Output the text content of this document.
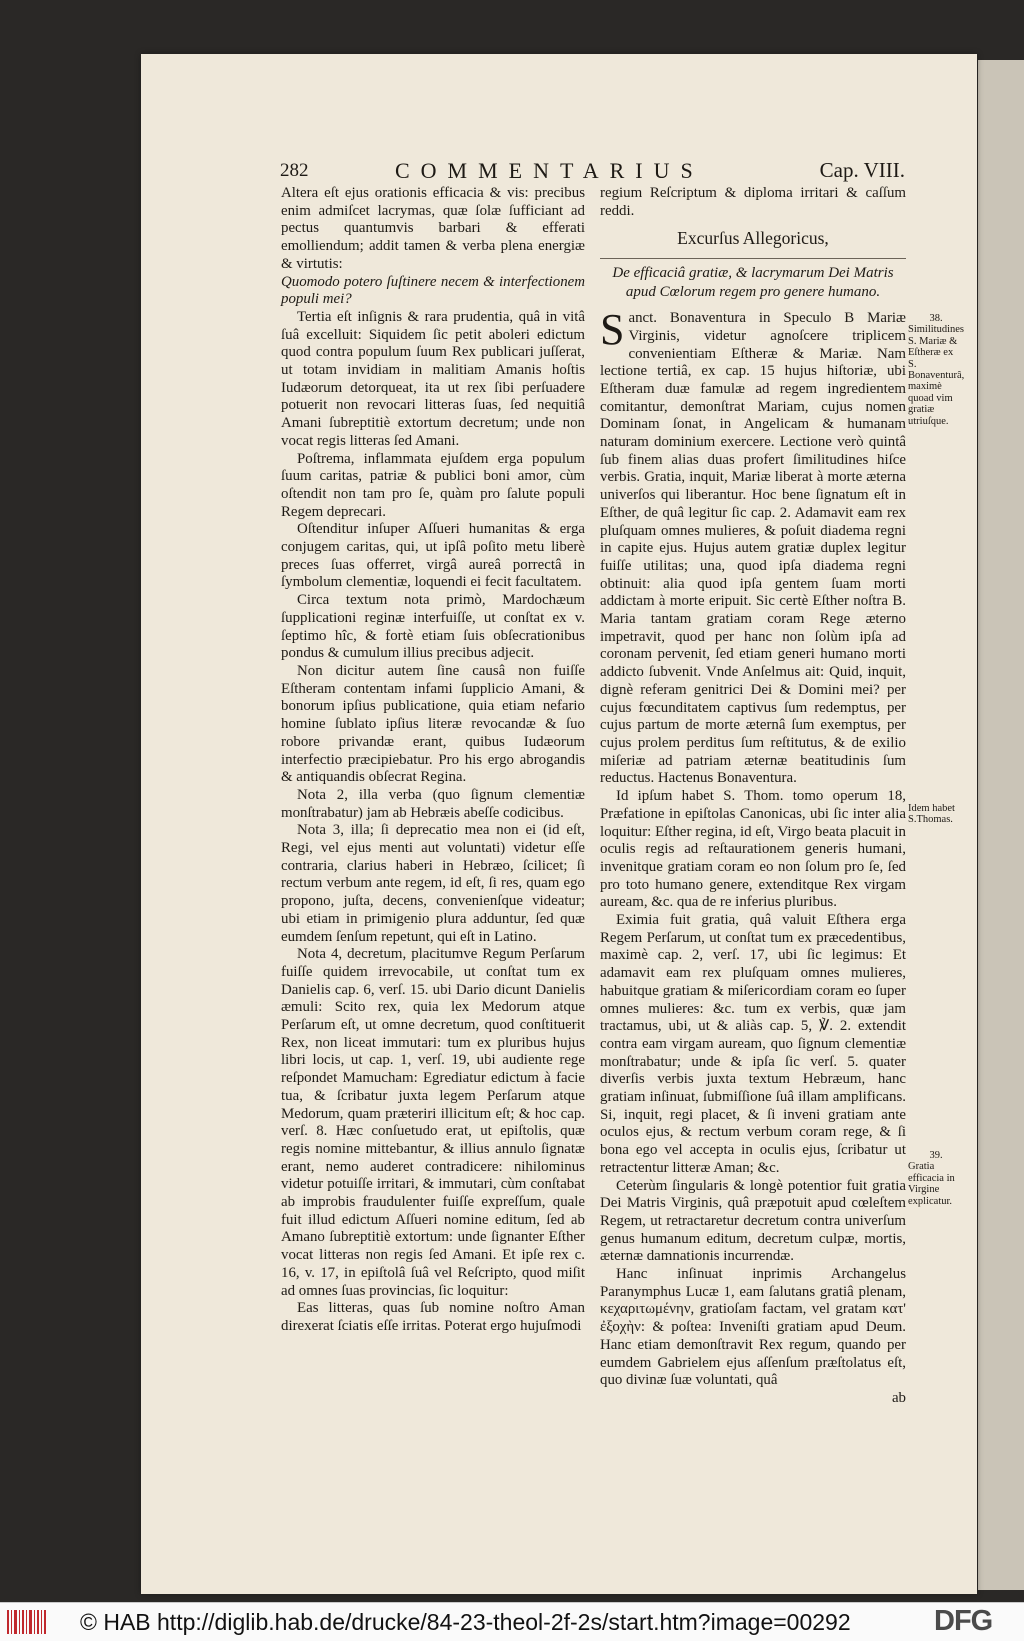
282	COMMENTARIUS	Cap. VIII.

Altera eſt ejus orationis efficacia & vis: precibus enim admiſcet lacrymas, quæ ſolæ ſufficiant ad pectus quantumvis barbari & efferati emolliendum; addit tamen & verba plena energiæ & virtutis:

Quomodo potero ſuſtinere necem & interfectionem populi mei?

Tertia eſt inſignis & rara prudentia, quâ in vitâ ſuâ excelluit: Siquidem ſic petit aboleri edictum quod contra populum ſuum Rex publicari juſſerat, ut totam invidiam in malitiam Amanis hoſtis Iudæorum detorqueat, ita ut rex ſibi perſuadere potuerit non revocari litteras ſuas, ſed nequitiâ Amani ſubreptitiè extortum decretum; unde non vocat regis litteras ſed Amani.

Poſtrema, inflammata ejuſdem erga populum ſuum caritas, patriæ & publici boni amor, cùm oſtendit non tam pro ſe, quàm pro ſalute populi Regem deprecari.

Oſtenditur inſuper Aſſueri humanitas & erga conjugem caritas, qui, ut ipſâ poſito metu liberè preces ſuas offerret, virgâ aureâ porrectâ in ſymbolum clementiæ, loquendi ei fecit facultatem.

Circa textum nota primò, Mardochæum ſupplicationi reginæ interfuiſſe, ut conſtat ex v. ſeptimo hîc, & fortè etiam ſuis obſecrationibus pondus & cumulum illius precibus adjecit.

Non dicitur autem ſine causâ non fuiſſe Eſtheram contentam infami ſupplicio Amani, & bonorum ipſius publicatione, quia etiam nefario homine ſublato ipſius literæ revocandæ & ſuo robore privandæ erant, quibus Iudæorum interfectio præcipiebatur. Pro his ergo abrogandis & antiquandis obſecrat Regina.

Nota 2, illa verba (quo ſignum clementiæ monſtrabatur) jam ab Hebræis abeſſe codicibus.

Nota 3, illa; ſi deprecatio mea non ei (id eſt, Regi, vel ejus menti aut voluntati) videtur eſſe contraria, clarius haberi in Hebræo, ſcilicet; ſi rectum verbum ante regem, id eſt, ſi res, quam ego propono, juſta, decens, convenienſque videatur; ubi etiam in primigenio plura adduntur, ſed quæ eumdem ſenſum repetunt, qui eſt in Latino.

Nota 4, decretum, placitumve Regum Perſarum fuiſſe quidem irrevocabile, ut conſtat tum ex Danielis cap. 6, verſ. 15. ubi Dario dicunt Danielis æmuli: Scito rex, quia lex Medorum atque Perſarum eſt, ut omne decretum, quod conſtituerit Rex, non liceat immutari: tum ex pluribus hujus libri locis, ut cap. 1, verſ. 19, ubi audiente rege reſpondet Mamucham: Egrediatur edictum à facie tua, & ſcribatur juxta legem Perſarum atque Medorum, quam præteriri illicitum eſt; & hoc cap. verſ. 8. Hæc conſuetudo erat, ut epiſtolis, quæ regis nomine mittebantur, & illius annulo ſignatæ erant, nemo auderet contradicere: nihilominus videtur potuiſſe irritari, & immutari, cùm conſtabat ab improbis fraudulenter fuiſſe expreſſum, quale fuit illud edictum Aſſueri nomine editum, ſed ab Amano ſubreptitiè extortum: unde ſignanter Eſther vocat litteras non regis ſed Amani. Et ipſe rex c. 16, v. 17, in epiſtolâ ſuâ vel Reſcripto, quod miſit ad omnes ſuas provincias, ſic loquitur:

Eas litteras, quas ſub nomine noſtro Aman direxerat ſciatis eſſe irritas. Poterat ergo hujuſmodi

regium Reſcriptum & diploma irritari & caſſum reddi.

Excurſus Allegoricus,
De efficaciâ gratiæ, & lacrymarum Dei Matris apud Cœlorum regem pro genere humano.

Sanct. Bonaventura in Speculo B Mariæ Virginis, videtur agnoſcere triplicem convenientiam Eſtheræ & Mariæ. Nam lectione tertiâ, ex cap. 15 hujus hiſtoriæ, ubi Eſtheram duæ famulæ ad regem ingredientem comitantur, demonſtrat Mariam, cujus nomen Dominam ſonat, in Angelicam & humanam naturam dominium exercere. Lectione verò quintâ ſub finem alias duas profert ſimilitudines hiſce verbis. Gratia, inquit, Mariæ liberat à morte æterna univerſos qui liberantur. Hoc bene ſignatum eſt in Eſther, de quâ legitur ſic cap. 2. Adamavit eam rex pluſquam omnes mulieres, & poſuit diadema regni in capite ejus. Hujus autem gratiæ duplex legitur fuiſſe utilitas; una, quod ipſa diadema regni obtinuit: alia quod ipſa gentem ſuam morti addictam à morte eripuit. Sic certè Eſther noſtra B. Maria tantam gratiam coram Rege æterno impetravit, quod per hanc non ſolùm ipſa ad coronam pervenit, ſed etiam generi humano morti addicto ſubvenit. Vnde Anſelmus ait: Quid, inquit, dignè referam genitrici Dei & Domini mei? per cujus fœcunditatem captivus ſum redemptus, per cujus partum de morte æternâ ſum exemptus, per cujus prolem perditus ſum reſtitutus, & de exilio miſeriæ ad patriam æternæ beatitudinis ſum reductus. Hactenus Bonaventura.

Id ipſum habet S. Thom. tomo operum 18, Præfatione in epiſtolas Canonicas, ubi ſic inter alia loquitur: Eſther regina, id eſt, Virgo beata placuit in oculis regis ad reſtaurationem generis humani, invenitque gratiam coram eo non ſolum pro ſe, ſed pro toto humano genere, extenditque Rex virgam auream, &c. qua de re inferius pluribus.

Eximia fuit gratia, quâ valuit Eſthera erga Regem Perſarum, ut conſtat tum ex præcedentibus, maximè cap. 2, verſ. 17, ubi ſic legimus: Et adamavit eam rex pluſquam omnes mulieres, habuitque gratiam & miſericordiam coram eo ſuper omnes mulieres: &c. tum ex verbis, quæ jam tractamus, ubi, ut & aliàs cap. 5, ℣. 2. extendit contra eam virgam auream, quo ſignum clementiæ monſtrabatur; unde & ipſa ſic verſ. 5. quater diverſis verbis juxta textum Hebræum, hanc gratiam inſinuat, ſubmiſſione ſuâ illam amplificans. Si, inquit, regi placet, & ſi inveni gratiam ante oculos ejus, & rectum verbum coram rege, & ſi bona ego vel accepta in oculis ejus, ſcribatur ut retractentur litteræ Aman; &c.

Ceterùm ſingularis & longè potentior fuit gratia Dei Matris Virginis, quâ præpotuit apud cœleſtem Regem, ut retractaretur decretum contra univerſum genus humanum editum, decretum culpæ, mortis, æternæ damnationis incurrendæ.

Hanc inſinuat inprimis Archangelus Paranymphus Lucæ 1, eam ſalutans gratiâ plenam, κεχαριτωμένην, gratioſam factam, vel gratam κατ' ἐξοχὴν: & poſtea: Inveniſti gratiam apud Deum. Hanc etiam demonſtravit Rex regum, quando per eumdem Gabrielem ejus aſſenſum præſtolatus eſt, quo divinæ ſuæ voluntati, quâ

ab

38.
Similitudines S. Mariæ & Eſtheræ ex S. Bonaventurâ, maximè quoad vim gratiæ utriuſque.
Idem habet S.Thomas.
39.
Gratia efficacia in Virgine explicatur.
© HAB http://diglib.hab.de/drucke/84-23-theol-2f-2s/start.htm?image=00292	DFG
